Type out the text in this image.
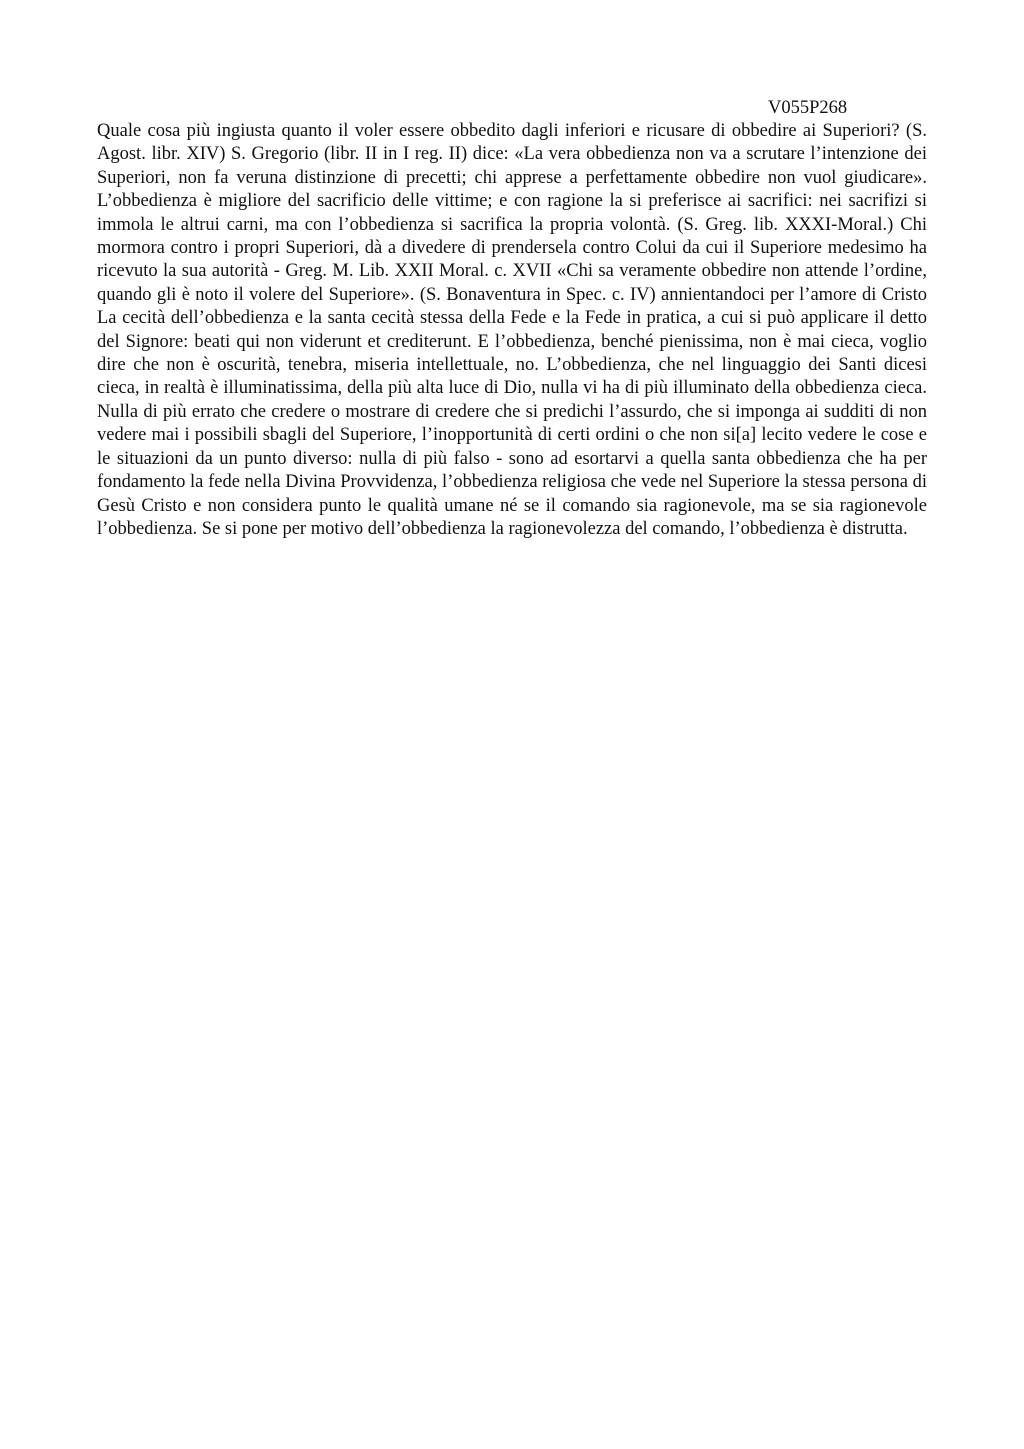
V055P268

Quale cosa più ingiusta quanto il voler essere obbedito dagli inferiori e ricusare di obbedire ai Superiori? (S. Agost. libr. XIV) S. Gregorio (libr. II in I reg. II) dice: «La vera obbedienza non va a scrutare l’intenzione dei Superiori, non fa veruna distinzione di precetti; chi apprese a perfettamente obbedire non vuol giudicare». L’obbedienza è migliore del sacrificio delle vittime; e con ragione la si preferisce ai sacrifici: nei sacrifizi si immola le altrui carni, ma con l’obbedienza si sacrifica la propria volontà. (S. Greg. lib. XXXI-Moral.) Chi mormora contro i propri Superiori, dà a divedere di prendersela contro Colui da cui il Superiore medesimo ha ricevuto la sua autorità - Greg. M. Lib. XXII Moral. c. XVII «Chi sa veramente obbedire non attende l’ordine, quando gli è noto il volere del Superiore». (S. Bonaventura in Spec. c. IV) annientandoci per l’amore di Cristo La cecità dell’obbedienza e la santa cecità stessa della Fede e la Fede in pratica, a cui si può applicare il detto del Signore: beati qui non viderunt et crediterunt. E l’obbedienza, benché pienissima, non è mai cieca, voglio dire che non è oscurità, tenebra, miseria intellettuale, no. L’obbedienza, che nel linguaggio dei Santi dicesi cieca, in realtà è illuminatissima, della più alta luce di Dio, nulla vi ha di più illuminato della obbedienza cieca. Nulla di più errato che credere o mostrare di credere che si predichi l’assurdo, che si imponga ai sudditi di non vedere mai i possibili sbagli del Superiore, l’inopportunità di certi ordini o che non si[a] lecito vedere le cose e le situazioni da un punto diverso: nulla di più falso - sono ad esortarvi a quella santa obbedienza che ha per fondamento la fede nella Divina Provvidenza, l’obbedienza religiosa che vede nel Superiore la stessa persona di Gesù Cristo e non considera punto le qualità umane né se il comando sia ragionevole, ma se sia ragionevole l’obbedienza. Se si pone per motivo dell’obbedienza la ragionevolezza del comando, l’obbedienza è distrutta.
